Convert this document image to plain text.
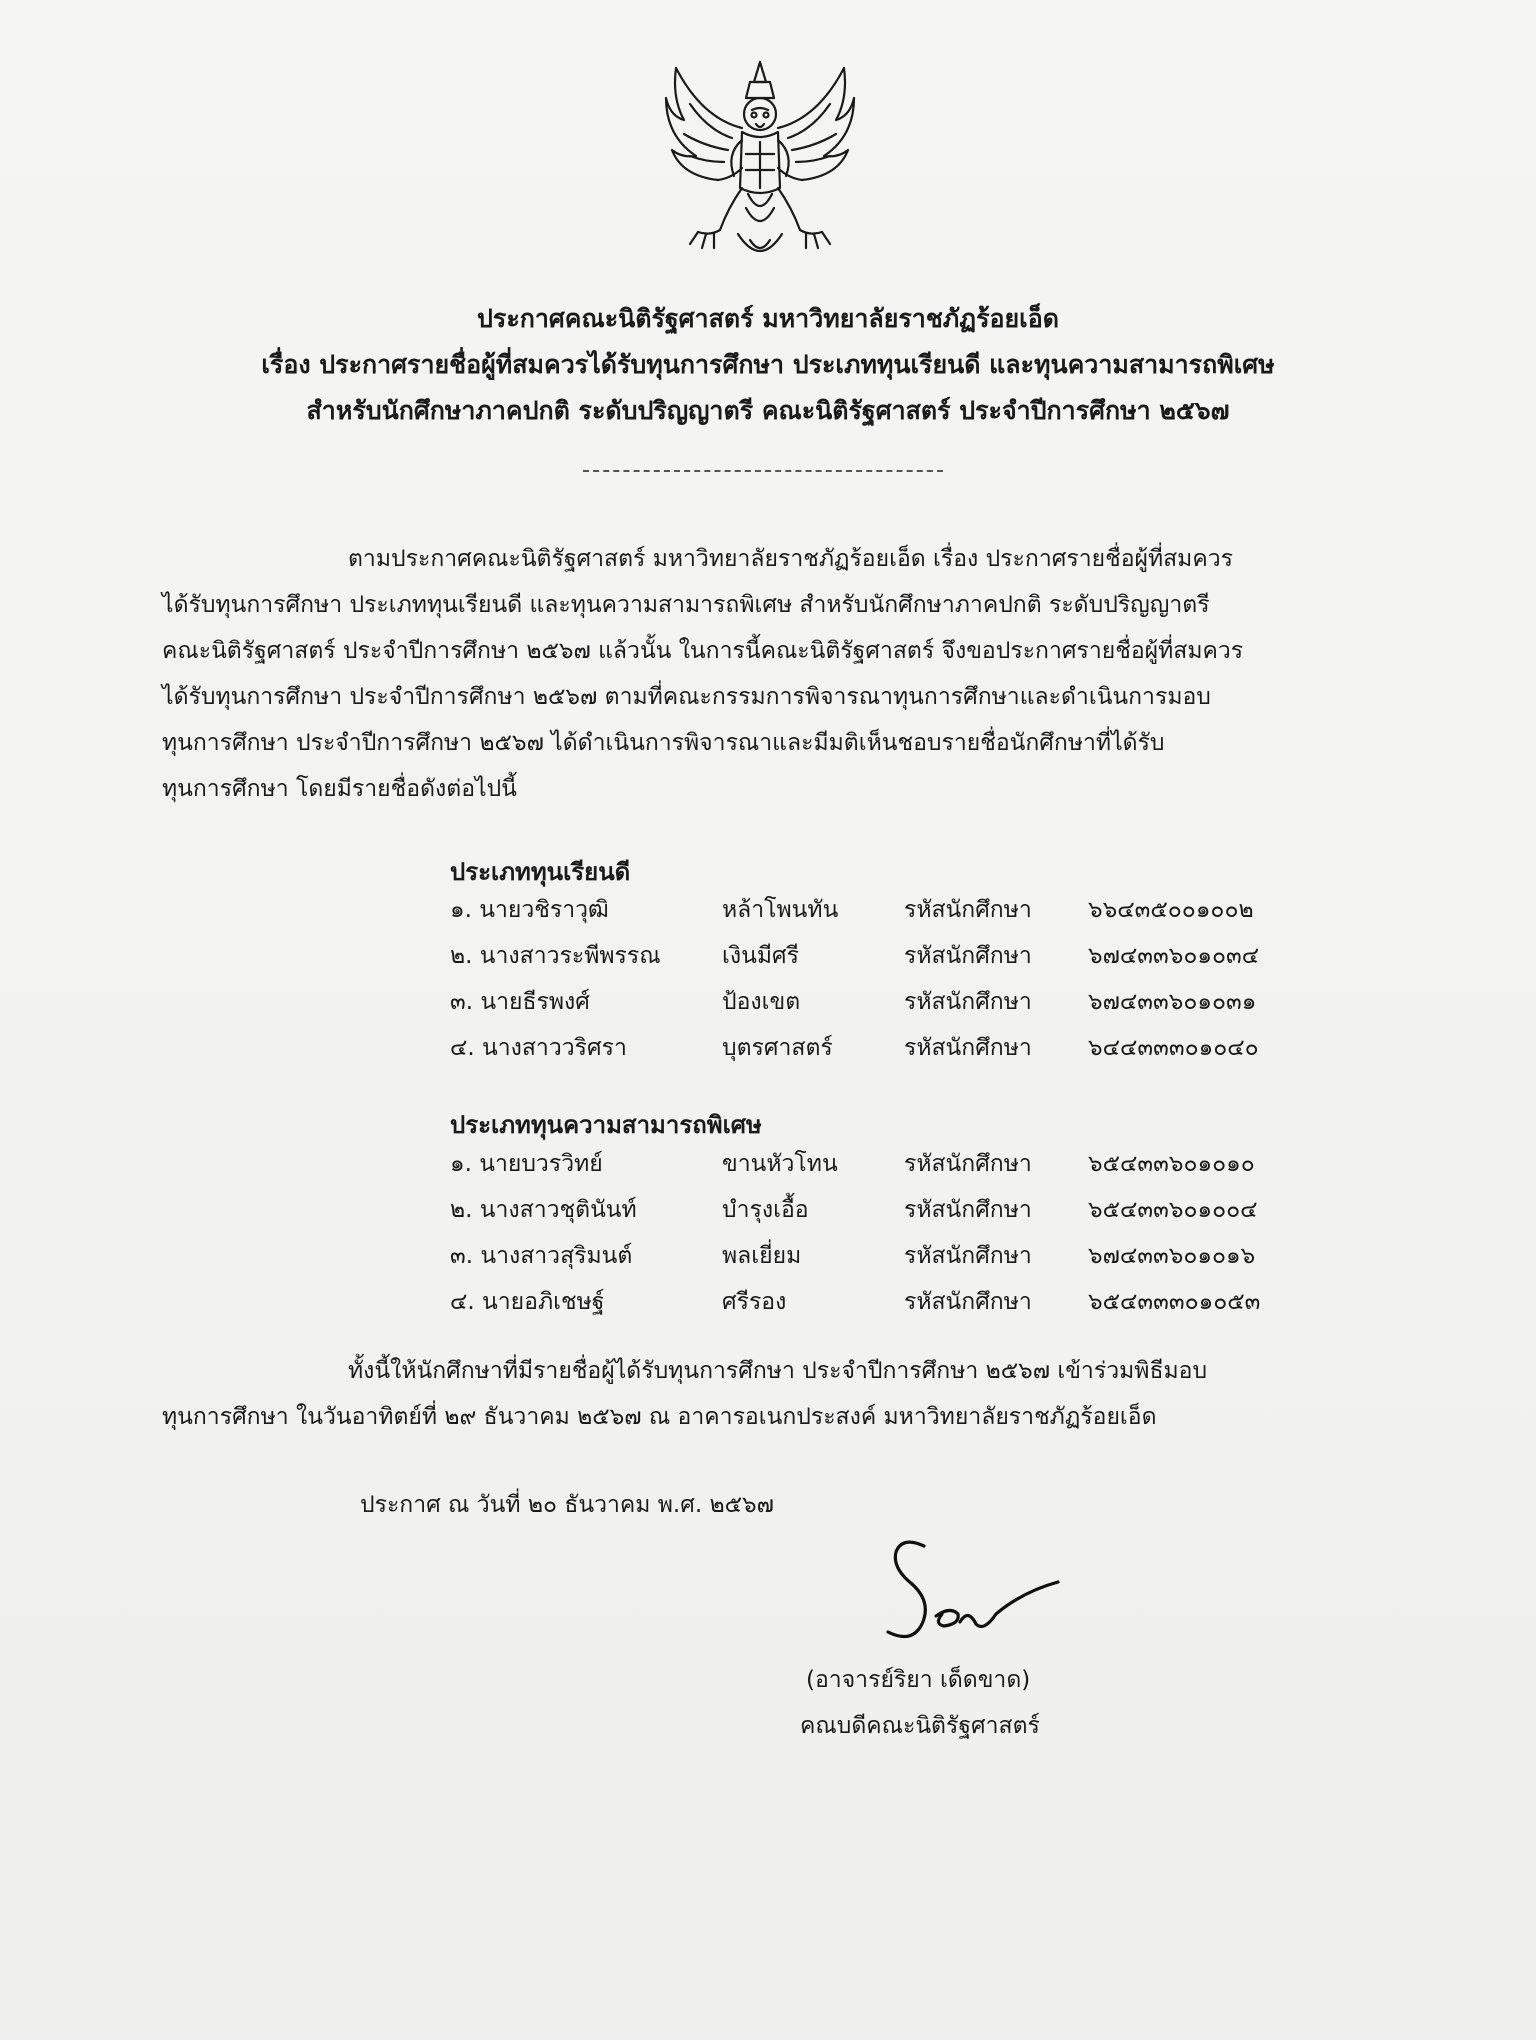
ประกาศคณะนิติรัฐศาสตร์ มหาวิทยาลัยราชภัฏร้อยเอ็ด
เรื่อง ประกาศรายชื่อผู้ที่สมควรได้รับทุนการศึกษา ประเภททุนเรียนดี และทุนความสามารถพิเศษ
สำหรับนักศึกษาภาคปกติ ระดับปริญญาตรี คณะนิติรัฐศาสตร์ ประจำปีการศึกษา ๒๕๖๗
ตามประกาศคณะนิติรัฐศาสตร์ มหาวิทยาลัยราชภัฏร้อยเอ็ด เรื่อง ประกาศรายชื่อผู้ที่สมควร
ได้รับทุนการศึกษา ประเภททุนเรียนดี และทุนความสามารถพิเศษ สำหรับนักศึกษาภาคปกติ ระดับปริญญาตรี
คณะนิติรัฐศาสตร์ ประจำปีการศึกษา ๒๕๖๗ แล้วนั้น ในการนี้คณะนิติรัฐศาสตร์ จึงขอประกาศรายชื่อผู้ที่สมควร
ได้รับทุนการศึกษา ประจำปีการศึกษา ๒๕๖๗ ตามที่คณะกรรมการพิจารณาทุนการศึกษาและดำเนินการมอบ
ทุนการศึกษา ประจำปีการศึกษา ๒๕๖๗ ได้ดำเนินการพิจารณาและมีมติเห็นชอบรายชื่อนักศึกษาที่ได้รับ
ทุนการศึกษา โดยมีรายชื่อดังต่อไปนี้
ประเภททุนเรียนดี
๑. นายวชิราวุฒิ	หล้าโพนทัน	รหัสนักศึกษา ๖๖๔๓๕๐๐๑๐๐๒
๒. นางสาวระพีพรรณ	เงินมีศรี	รหัสนักศึกษา ๖๗๔๓๓๖๐๑๐๓๔
๓. นายธีรพงศ์	ป้องเขต	รหัสนักศึกษา ๖๗๔๓๓๖๐๑๐๓๑
๔. นางสาววริศรา	บุตรศาสตร์	รหัสนักศึกษา ๖๔๔๓๓๓๐๑๐๔๐
ประเภททุนความสามารถพิเศษ
๑. นายบวรวิทย์	ขานหัวโทน	รหัสนักศึกษา ๖๕๔๓๓๖๐๑๐๑๐
๒. นางสาวชุตินันท์	บำรุงเอื้อ	รหัสนักศึกษา ๖๕๔๓๓๖๐๑๐๐๔
๓. นางสาวสุริมนต์	พลเยี่ยม	รหัสนักศึกษา ๖๗๔๓๓๖๐๑๐๑๖
๔. นายอภิเชษฐ์	ศรีรอง	รหัสนักศึกษา ๖๕๔๓๓๓๐๑๐๕๓
ทั้งนี้ให้นักศึกษาที่มีรายชื่อผู้ได้รับทุนการศึกษา ประจำปีการศึกษา ๒๕๖๗ เข้าร่วมพิธีมอบ
ทุนการศึกษา ในวันอาทิตย์ที่ ๒๙ ธันวาคม ๒๕๖๗ ณ อาคารอเนกประสงค์ มหาวิทยาลัยราชภัฏร้อยเอ็ด
ประกาศ ณ วันที่ ๒๐ ธันวาคม พ.ศ. ๒๕๖๗
(อาจารย์ริยา เด็ดขาด)
คณบดีคณะนิติรัฐศาสตร์
